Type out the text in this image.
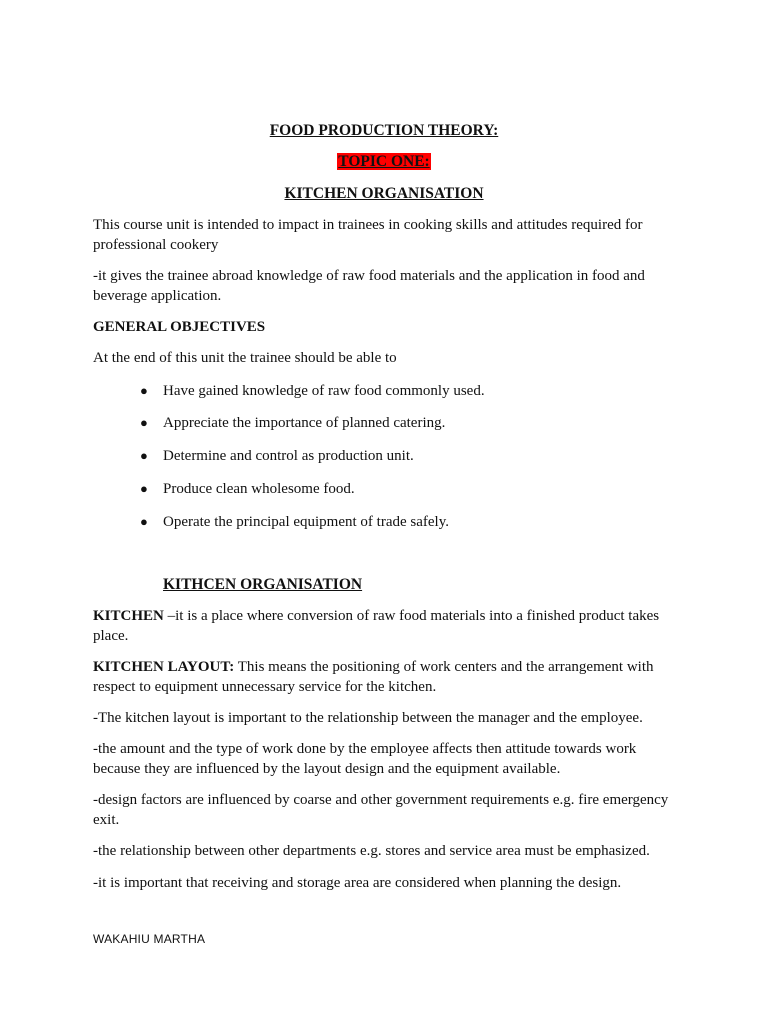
FOOD PRODUCTION THEORY:
TOPIC ONE:
KITCHEN ORGANISATION

This course unit is intended to impact in trainees in cooking skills and attitudes required for professional cookery

-it gives the trainee abroad knowledge of raw food materials and the application in food and beverage application.

GENERAL OBJECTIVES

At the end of this unit the trainee should be able to

● Have gained knowledge of raw food commonly used.
● Appreciate the importance of planned catering.
● Determine and control as production unit.
● Produce clean wholesome food.
● Operate the principal equipment of trade safely.
KITHCEN ORGANISATION

KITCHEN –it is a place where conversion of raw food materials into a finished product takes place.

KITCHEN LAYOUT: This means the positioning of work centers and the arrangement with respect to equipment unnecessary service for the kitchen.

-The kitchen layout is important to the relationship between the manager and the employee.

-the amount and the type of work done by the employee affects then attitude towards work because they are influenced by the layout design and the equipment available.

-design factors are influenced by coarse and other government requirements e.g. fire emergency exit.

-the relationship between other departments e.g. stores and service area must be emphasized.

-it is important that receiving and storage area are considered when planning the design.

WAKAHIU MARTHA
